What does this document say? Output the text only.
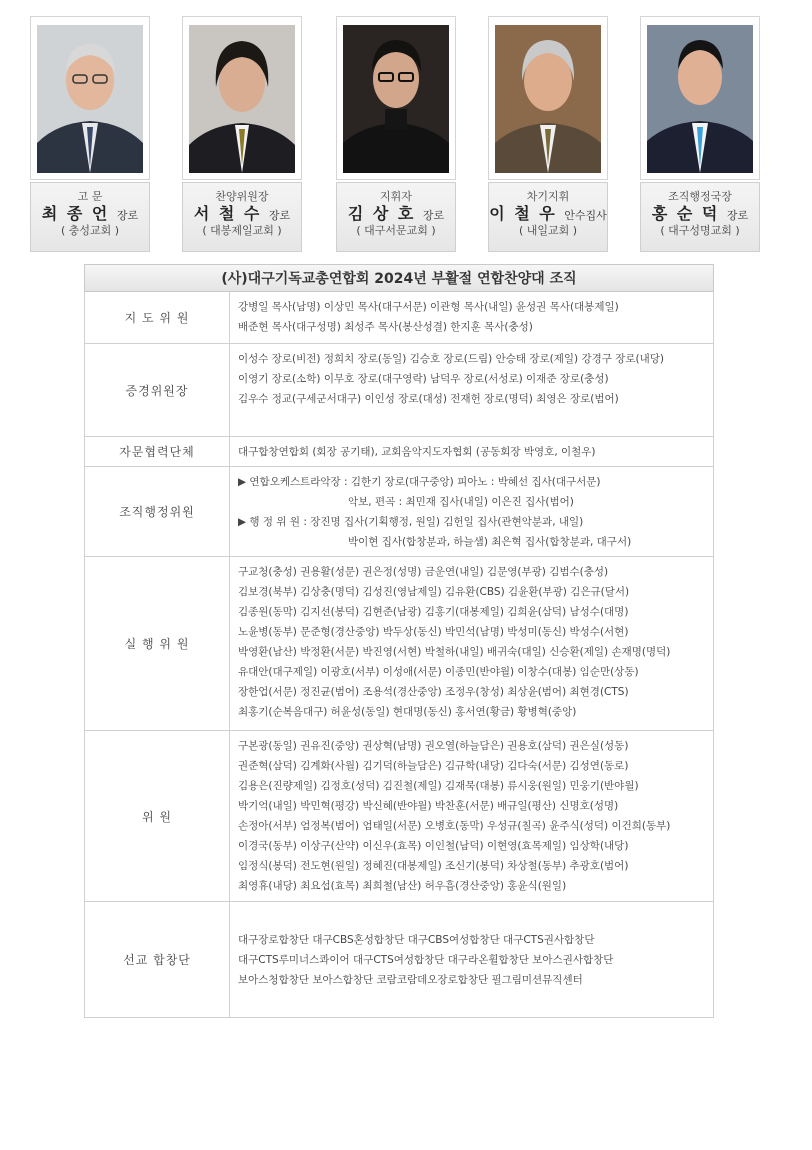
고 문
최 종 언 장로
( 충성교회 )
찬양위원장
서 철 수 장로
( 대봉제일교회 )
지휘자
김 상 호 장로
( 대구서문교회 )
차기지휘
이 철 우 안수집사
( 내일교회 )
조직행정국장
홍 순 덕 장로
( 대구성명교회 )
(사)대구기독교총연합회 2024년 부활절 연합찬양대 조직
지 도 위 원
강병일 목사(남명) 이상민 목사(대구서문) 이관형 목사(내일) 윤성권 목사(대봉제일)
배준현 목사(대구성명) 최성주 목사(봉산성결) 한지훈 목사(충성)
증경위원장
이성수 장로(비전) 정희치 장로(동일) 김승호 장로(드림) 안승태 장로(제일) 강경구 장로(내당)
이영기 장로(소학) 이무호 장로(대구영락) 남덕우 장로(서성로) 이재준 장로(충성)
김우수 정교(구세군서대구) 이인성 장로(대성) 전재헌 장로(명덕) 최영은 장로(범어)
자문협력단체	대구합창연합회 (회장 공기태), 교회음악지도자협회 (공동회장 박영호, 이철우)
조직행정위원
▶ 연합오케스트라악장 : 김한기 장로(대구중앙) 피아노 : 박혜선 집사(대구서문)
악보, 편곡 : 최민재 집사(내일) 이은진 집사(범어)
▶ 행 정 위 원 : 장진명 집사(기획행정, 원일) 김헌일 집사(관현악분과, 내일)
박이현 집사(합창분과, 하늘샘) 최은혁 집사(합창분과, 대구서)
실 행 위 원
구교청(충성) 권용활(성문) 권은정(성명) 금운연(내일) 김문영(부광) 김범수(충성)
김보경(북부) 김상충(명덕) 김성진(영남제일) 김유환(CBS) 김윤환(부광) 김은규(달서)
김종원(동막) 김지선(봉덕) 김현준(남광) 김홍기(대봉제일) 김희윤(삼덕) 남성수(대명)
노윤병(동부) 문준형(경산중앙) 박두상(동신) 박민석(남명) 박성미(동신) 박성수(서현)
박영환(남산) 박정환(서문) 박진영(서현) 박철하(내일) 배귀숙(대일) 신승환(제일) 손재명(명덕)
유대안(대구제일) 이광호(서부) 이성애(서문) 이종민(반야월) 이창수(대봉) 임순만(상동)
장한업(서문) 정진균(범어) 조용석(경산중앙) 조정우(창성) 최상윤(범어) 최현경(CTS)
최홍기(순복음대구) 허윤성(동일) 현대명(동신) 홍서연(황금) 황병혁(중앙)
위 원
구본광(동일) 권유진(중앙) 권상혁(남명) 권오열(하늘담은) 권용호(삼덕) 권은실(성동)
권준혁(삼덕) 김계화(사월) 김기덕(하늘담은) 김규학(내당) 김다숙(서문) 김성연(동로)
김용은(진량제일) 김정호(성덕) 김진철(제일) 김재묵(대봉) 류시웅(원일) 민웅기(반야월)
박기억(내일) 박민혁(평강) 박신혜(반야월) 박찬훈(서문) 배규일(평산) 신명호(성명)
손정아(서부) 엄정복(범어) 엄태일(서문) 오병호(동막) 우성규(칠곡) 윤주식(성덕) 이건희(동부)
이경국(동부) 이상구(산약) 이신우(효목) 이인철(남덕) 이현영(효목제일) 임상학(내당)
임정식(봉덕) 전도현(원일) 정혜진(대봉제일) 조신기(봉덕) 차상철(동부) 추광호(범어)
최영휴(내당) 최요섭(효목) 최희철(남산) 허우흠(경산중앙) 홍윤식(원일)
선교 합창단
대구장로합창단 대구CBS혼성합창단 대구CBS여성합창단 대구CTS권사합창단
대구CTS루미너스콰이어 대구CTS여성합창단 대구라온휠합창단 보아스권사합창단
보아스청합창단 보아스합창단 코람코람데오장로합창단 필그림미션뮤직센터
